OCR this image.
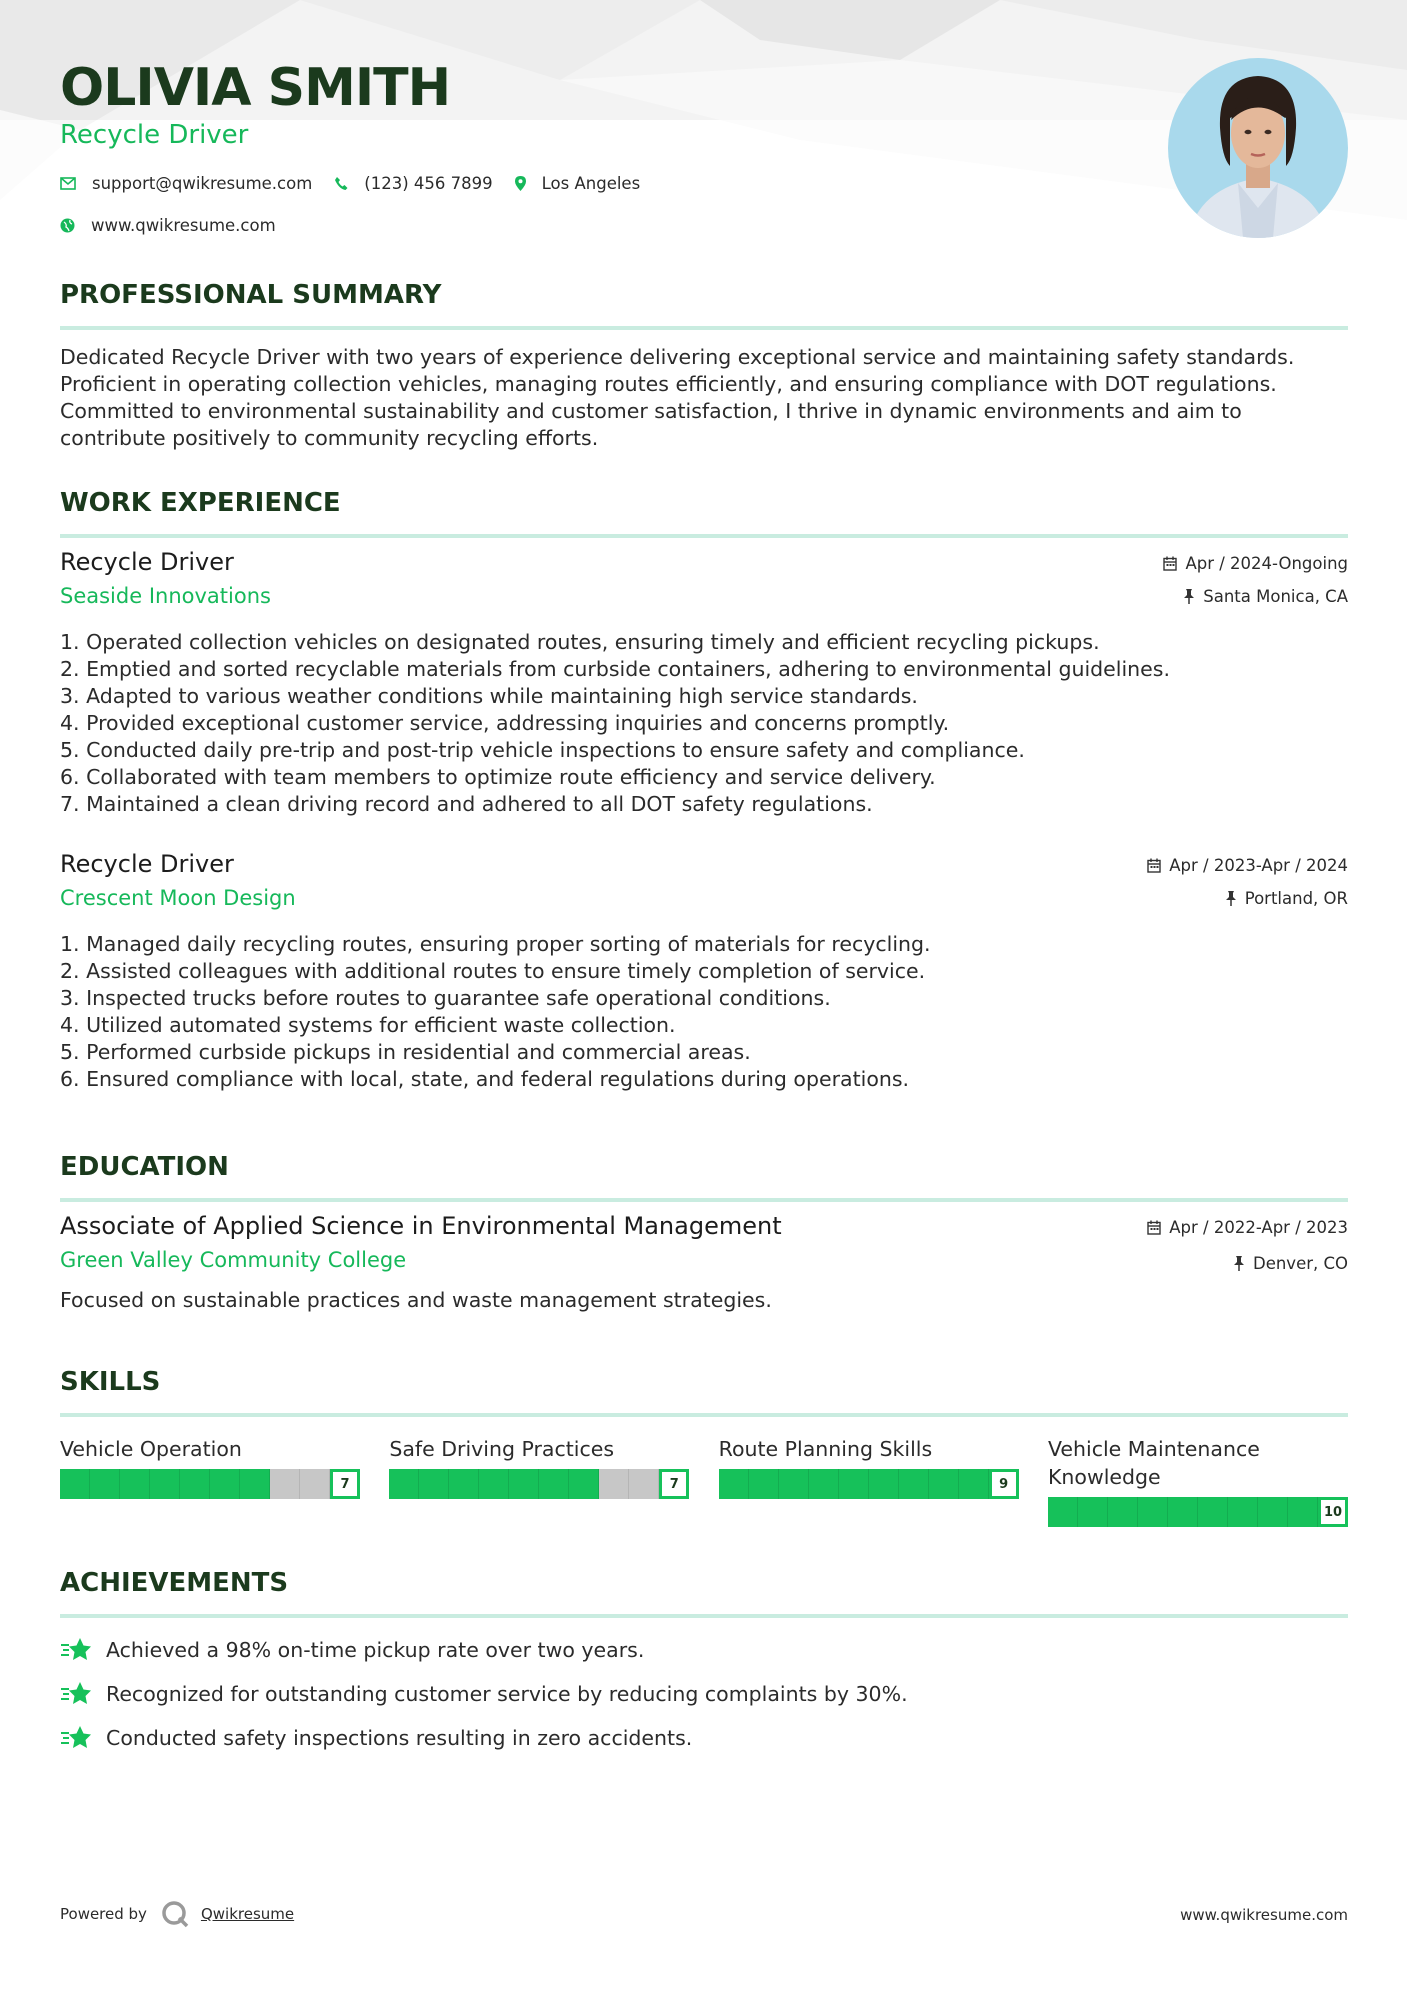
OLIVIA SMITH
Recycle Driver
support@qwikresume.com	(123) 456 7899	Los Angeles
www.qwikresume.com
PROFESSIONAL SUMMARY
Dedicated Recycle Driver with two years of experience delivering exceptional service and maintaining safety standards.
Proficient in operating collection vehicles, managing routes efficiently, and ensuring compliance with DOT regulations.
Committed to environmental sustainability and customer satisfaction, I thrive in dynamic environments and aim to
contribute positively to community recycling efforts.
WORK EXPERIENCE
Recycle Driver
Seaside Innovations
Apr / 2024-Ongoing
Santa Monica, CA
1. Operated collection vehicles on designated routes, ensuring timely and efficient recycling pickups.
2. Emptied and sorted recyclable materials from curbside containers, adhering to environmental guidelines.
3. Adapted to various weather conditions while maintaining high service standards.
4. Provided exceptional customer service, addressing inquiries and concerns promptly.
5. Conducted daily pre-trip and post-trip vehicle inspections to ensure safety and compliance.
6. Collaborated with team members to optimize route efficiency and service delivery.
7. Maintained a clean driving record and adhered to all DOT safety regulations.
Recycle Driver
Crescent Moon Design
Apr / 2023-Apr / 2024
Portland, OR
1. Managed daily recycling routes, ensuring proper sorting of materials for recycling.
2. Assisted colleagues with additional routes to ensure timely completion of service.
3. Inspected trucks before routes to guarantee safe operational conditions.
4. Utilized automated systems for efficient waste collection.
5. Performed curbside pickups in residential and commercial areas.
6. Ensured compliance with local, state, and federal regulations during operations.
EDUCATION
Associate of Applied Science in Environmental Management
Green Valley Community College
Apr / 2022-Apr / 2023
Denver, CO
Focused on sustainable practices and waste management strategies.
SKILLS
Vehicle Operation
7
Safe Driving Practices
7
Route Planning Skills
9
Vehicle Maintenance Knowledge
10
ACHIEVEMENTS
Achieved a 98% on-time pickup rate over two years.
Recognized for outstanding customer service by reducing complaints by 30%.
Conducted safety inspections resulting in zero accidents.
Powered by	Qwikresume	www.qwikresume.com
